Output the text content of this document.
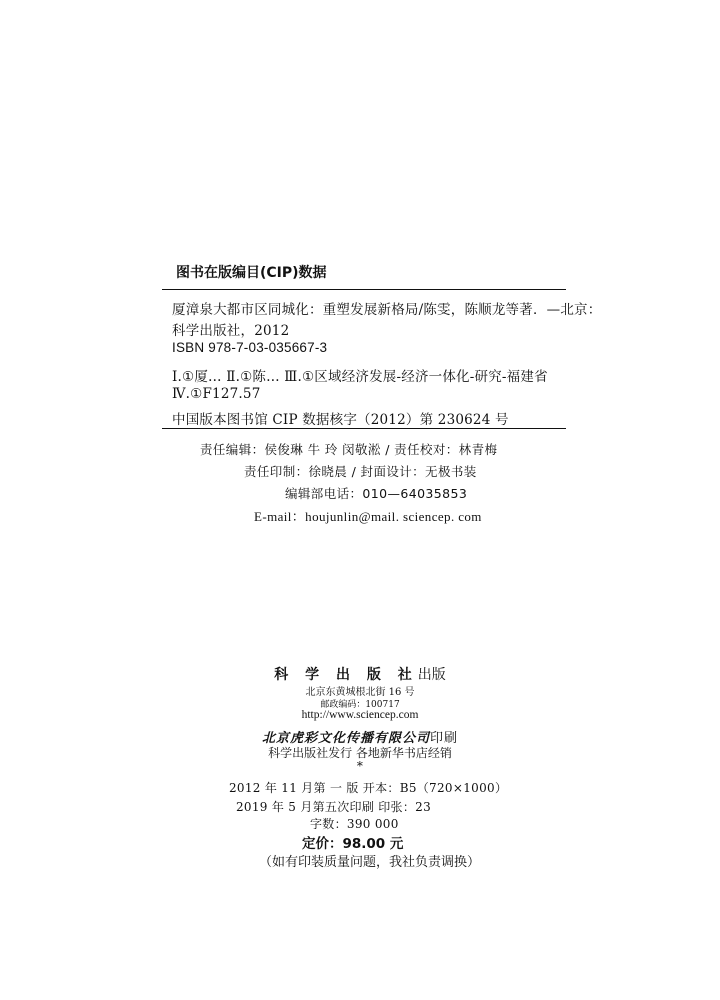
图书在版编目(CIP)数据
厦漳泉大都市区同城化：重塑发展新格局/陈雯，陈顺龙等著．—北京：
科学出版社，2012
ISBN 978-7-03-035667-3
Ⅰ.①厦… Ⅱ.①陈… Ⅲ.①区域经济发展-经济一体化-研究-福建省
Ⅳ.①F127.57
中国版本图书馆 CIP 数据核字（2012）第 230624 号
责任编辑：侯俊琳 牛 玲 闵敬淞 / 责任校对：林青梅
责任印制：徐晓晨 / 封面设计：无极书装
编辑部电话：010—64035853
E-mail：houjunlin@mail. sciencep. com
科 学 出 版 社出版
北京东黄城根北街 16 号
邮政编码：100717
http://www.sciencep.com
北京虎彩文化传播有限公司印刷
科学出版社发行 各地新华书店经销
*
2012 年 11 月第 一 版 开本：B5（720×1000）
2019 年 5 月第五次印刷 印张：23
字数：390 000
定价：98.00 元
（如有印装质量问题，我社负责调换）
